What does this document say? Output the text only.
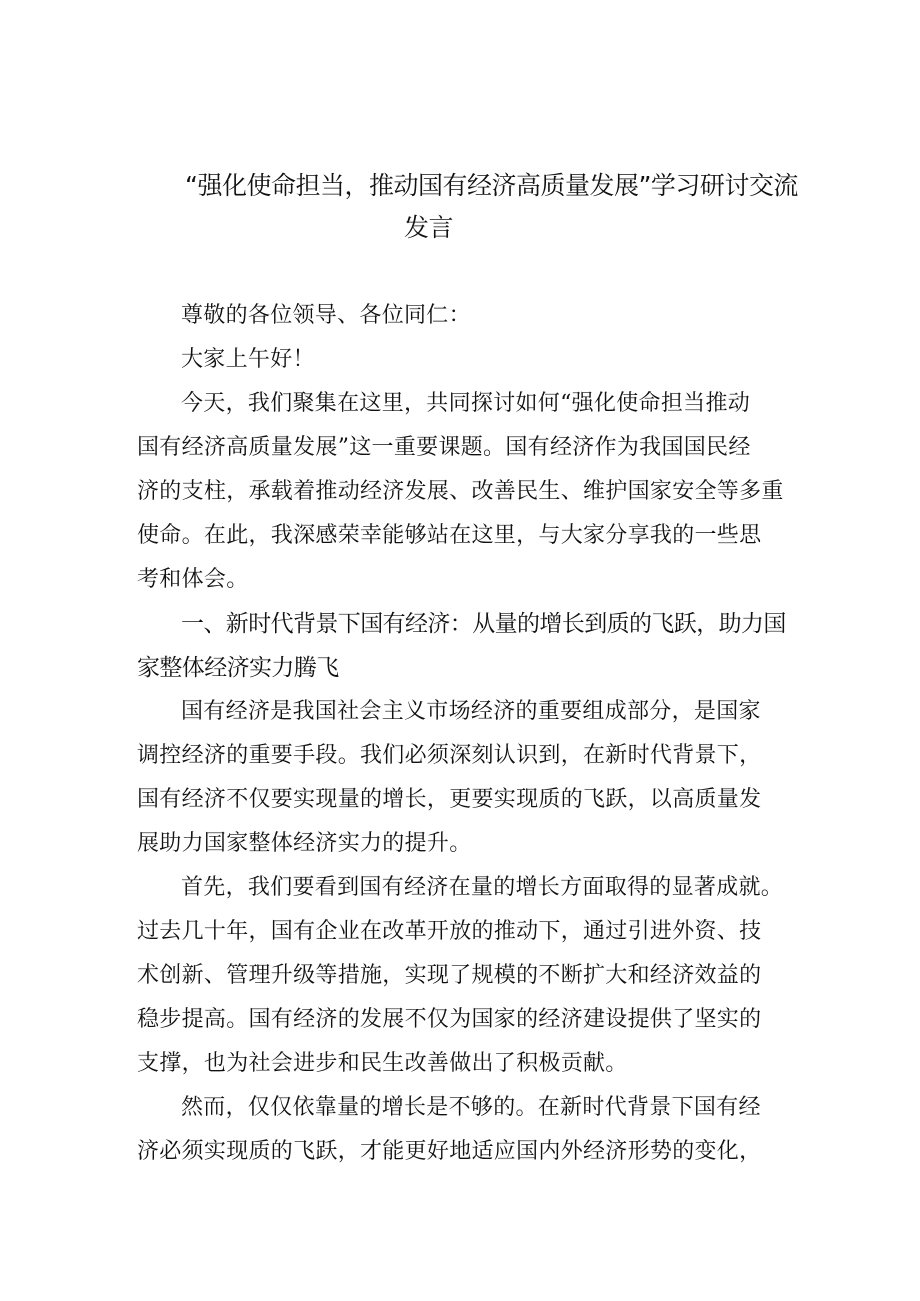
“强化使命担当，推动国有经济高质量发展”学习研讨交流
发言

尊敬的各位领导、各位同仁：

大家上午好！

今天，我们聚集在这里，共同探讨如何“强化使命担当推动
国有经济高质量发展”这一重要课题。国有经济作为我国国民经
济的支柱，承载着推动经济发展、改善民生、维护国家安全等多重
使命。在此，我深感荣幸能够站在这里，与大家分享我的一些思
考和体会。

一、新时代背景下国有经济：从量的增长到质的飞跃，助力国
家整体经济实力腾飞

国有经济是我国社会主义市场经济的重要组成部分，是国家
调控经济的重要手段。我们必须深刻认识到，在新时代背景下，
国有经济不仅要实现量的增长，更要实现质的飞跃，以高质量发
展助力国家整体经济实力的提升。

首先，我们要看到国有经济在量的增长方面取得的显著成就。
过去几十年，国有企业在改革开放的推动下，通过引进外资、技
术创新、管理升级等措施，实现了规模的不断扩大和经济效益的
稳步提高。国有经济的发展不仅为国家的经济建设提供了坚实的
支撑，也为社会进步和民生改善做出了积极贡献。

然而，仅仅依靠量的增长是不够的。在新时代背景下国有经
济必须实现质的飞跃，才能更好地适应国内外经济形势的变化，
